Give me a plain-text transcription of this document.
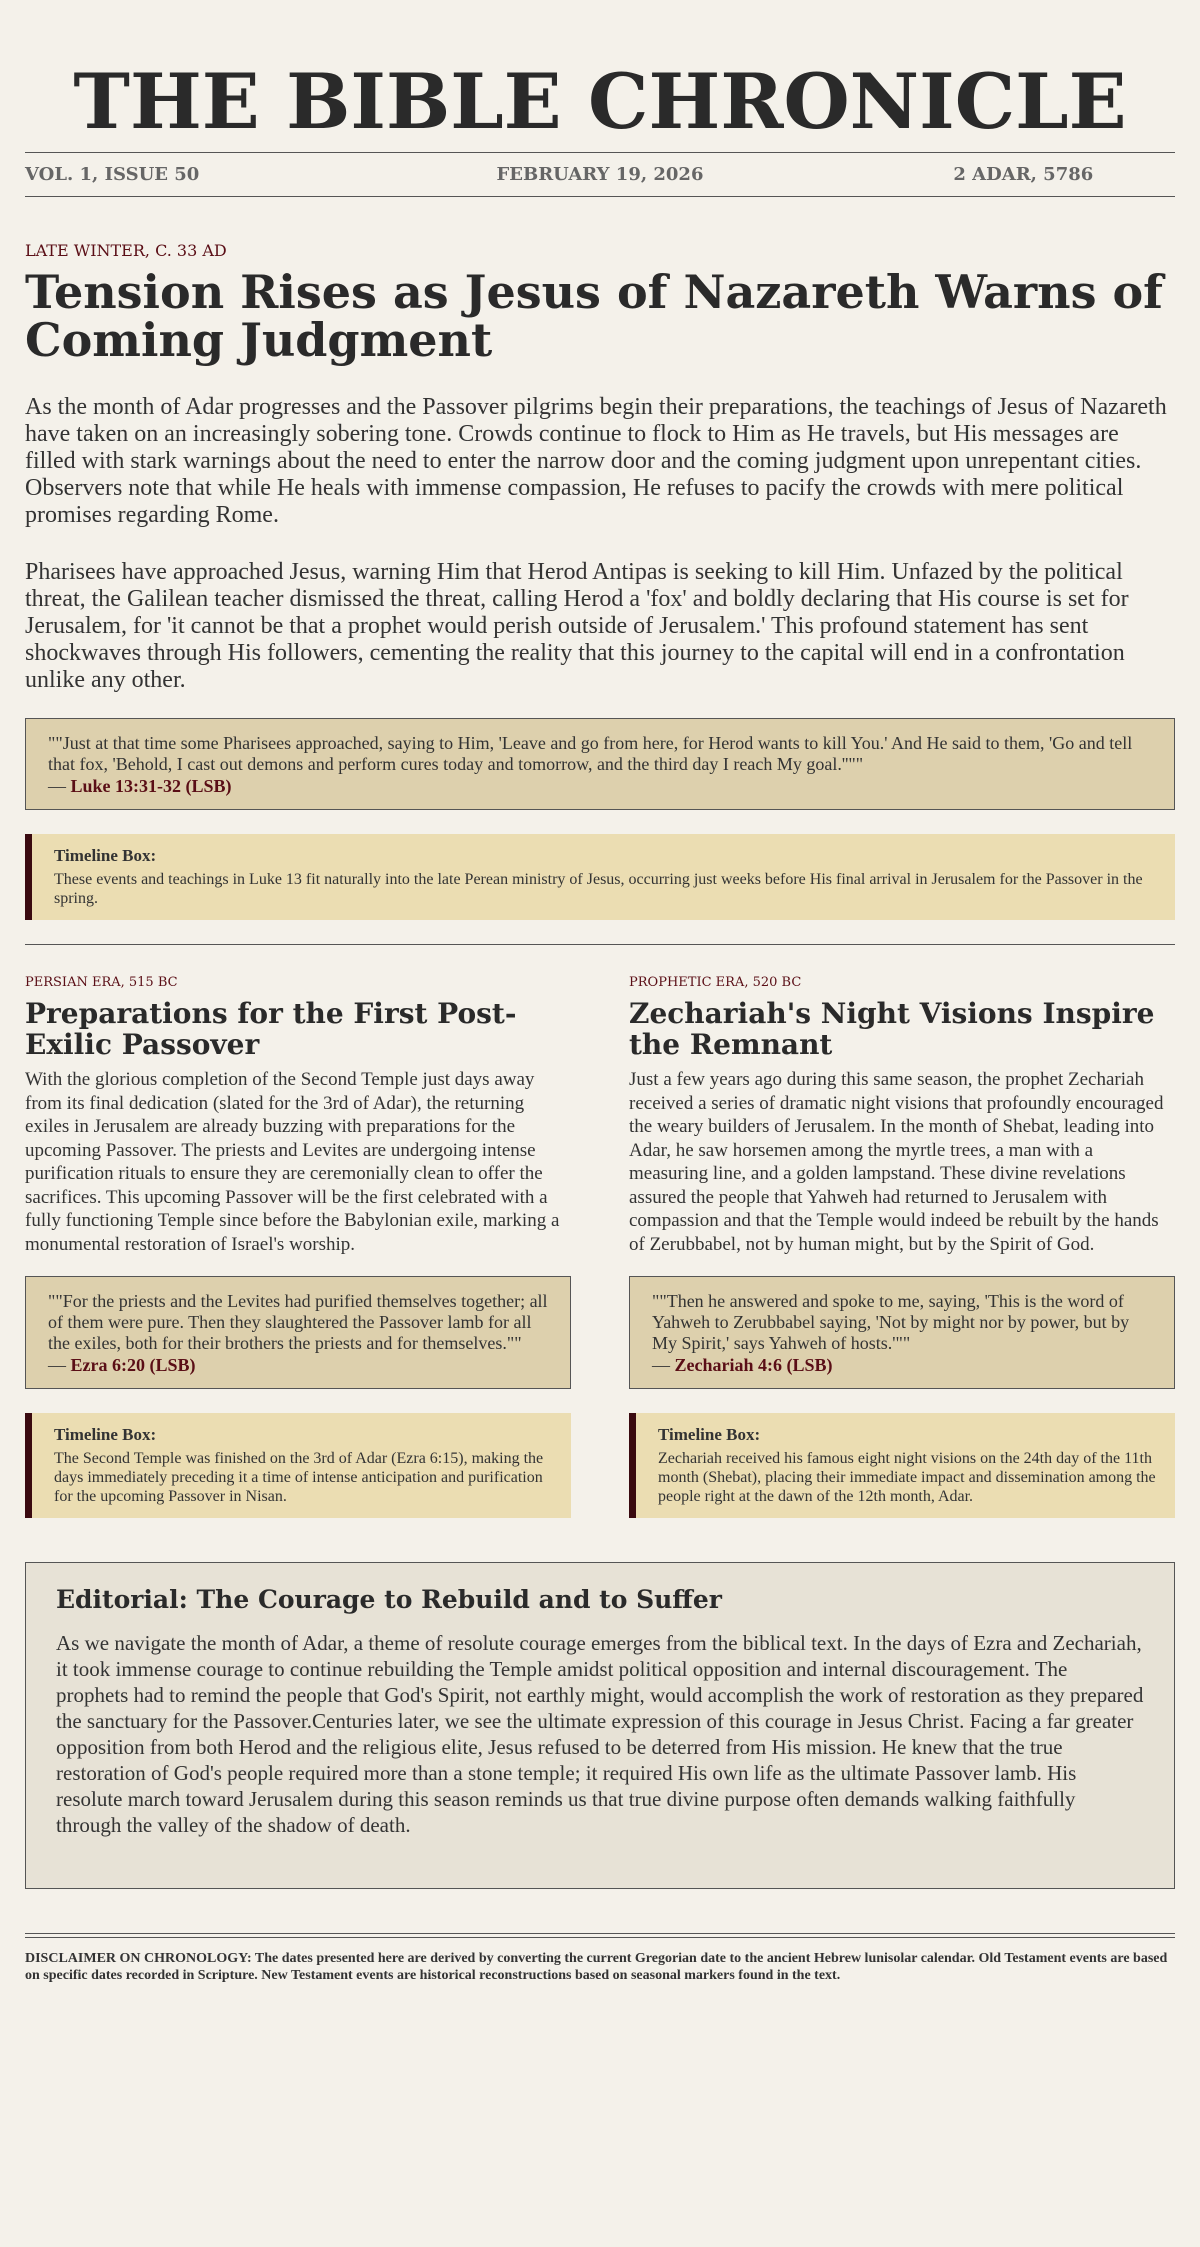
THE BIBLE CHRONICLE
VOL. 1, ISSUE 50	FEBRUARY 19, 2026	2 ADAR, 5786

LATE WINTER, C. 33 AD

Tension Rises as Jesus of Nazareth Warns of Coming Judgment

As the month of Adar progresses and the Passover pilgrims begin their preparations, the teachings of Jesus of Nazareth have taken on an increasingly sobering tone. Crowds continue to flock to Him as He travels, but His messages are filled with stark warnings about the need to enter the narrow door and the coming judgment upon unrepentant cities. Observers note that while He heals with immense compassion, He refuses to pacify the crowds with mere political promises regarding Rome.

Pharisees have approached Jesus, warning Him that Herod Antipas is seeking to kill Him. Unfazed by the political threat, the Galilean teacher dismissed the threat, calling Herod a 'fox' and boldly declaring that His course is set for Jerusalem, for 'it cannot be that a prophet would perish outside of Jerusalem.' This profound statement has sent shockwaves through His followers, cementing the reality that this journey to the capital will end in a confrontation unlike any other.

""Just at that time some Pharisees approached, saying to Him, 'Leave and go from here, for Herod wants to kill You.' And He said to them, 'Go and tell that fox, 'Behold, I cast out demons and perform cures today and tomorrow, and the third day I reach My goal.''""

— Luke 13:31-32 (LSB)

Timeline Box:

These events and teachings in Luke 13 fit naturally into the late Perean ministry of Jesus, occurring just weeks before His final arrival in Jerusalem for the Passover in the spring.

PERSIAN ERA, 515 BC

Preparations for the First Post-Exilic Passover

With the glorious completion of the Second Temple just days away from its final dedication (slated for the 3rd of Adar), the returning exiles in Jerusalem are already buzzing with preparations for the upcoming Passover. The priests and Levites are undergoing intense purification rituals to ensure they are ceremonially clean to offer the sacrifices. This upcoming Passover will be the first celebrated with a fully functioning Temple since before the Babylonian exile, marking a monumental restoration of Israel's worship.

""For the priests and the Levites had purified themselves together; all of them were pure. Then they slaughtered the Passover lamb for all the exiles, both for their brothers the priests and for themselves.""

— Ezra 6:20 (LSB)

Timeline Box:

The Second Temple was finished on the 3rd of Adar (Ezra 6:15), making the days immediately preceding it a time of intense anticipation and purification for the upcoming Passover in Nisan.

PROPHETIC ERA, 520 BC

Zechariah's Night Visions Inspire the Remnant

Just a few years ago during this same season, the prophet Zechariah received a series of dramatic night visions that profoundly encouraged the weary builders of Jerusalem. In the month of Shebat, leading into Adar, he saw horsemen among the myrtle trees, a man with a measuring line, and a golden lampstand. These divine revelations assured the people that Yahweh had returned to Jerusalem with compassion and that the Temple would indeed be rebuilt by the hands of Zerubbabel, not by human might, but by the Spirit of God.

""Then he answered and spoke to me, saying, 'This is the word of Yahweh to Zerubbabel saying, 'Not by might nor by power, but by My Spirit,' says Yahweh of hosts.'""

— Zechariah 4:6 (LSB)

Timeline Box:

Zechariah received his famous eight night visions on the 24th day of the 11th month (Shebat), placing their immediate impact and dissemination among the people right at the dawn of the 12th month, Adar.

Editorial: The Courage to Rebuild and to Suffer

As we navigate the month of Adar, a theme of resolute courage emerges from the biblical text. In the days of Ezra and Zechariah, it took immense courage to continue rebuilding the Temple amidst political opposition and internal discouragement. The prophets had to remind the people that God's Spirit, not earthly might, would accomplish the work of restoration as they prepared the sanctuary for the Passover.Centuries later, we see the ultimate expression of this courage in Jesus Christ. Facing a far greater opposition from both Herod and the religious elite, Jesus refused to be deterred from His mission. He knew that the true restoration of God's people required more than a stone temple; it required His own life as the ultimate Passover lamb. His resolute march toward Jerusalem during this season reminds us that true divine purpose often demands walking faithfully through the valley of the shadow of death.

DISCLAIMER ON CHRONOLOGY: The dates presented here are derived by converting the current Gregorian date to the ancient Hebrew lunisolar calendar. Old Testament events are based on specific dates recorded in Scripture. New Testament events are historical reconstructions based on seasonal markers found in the text.
